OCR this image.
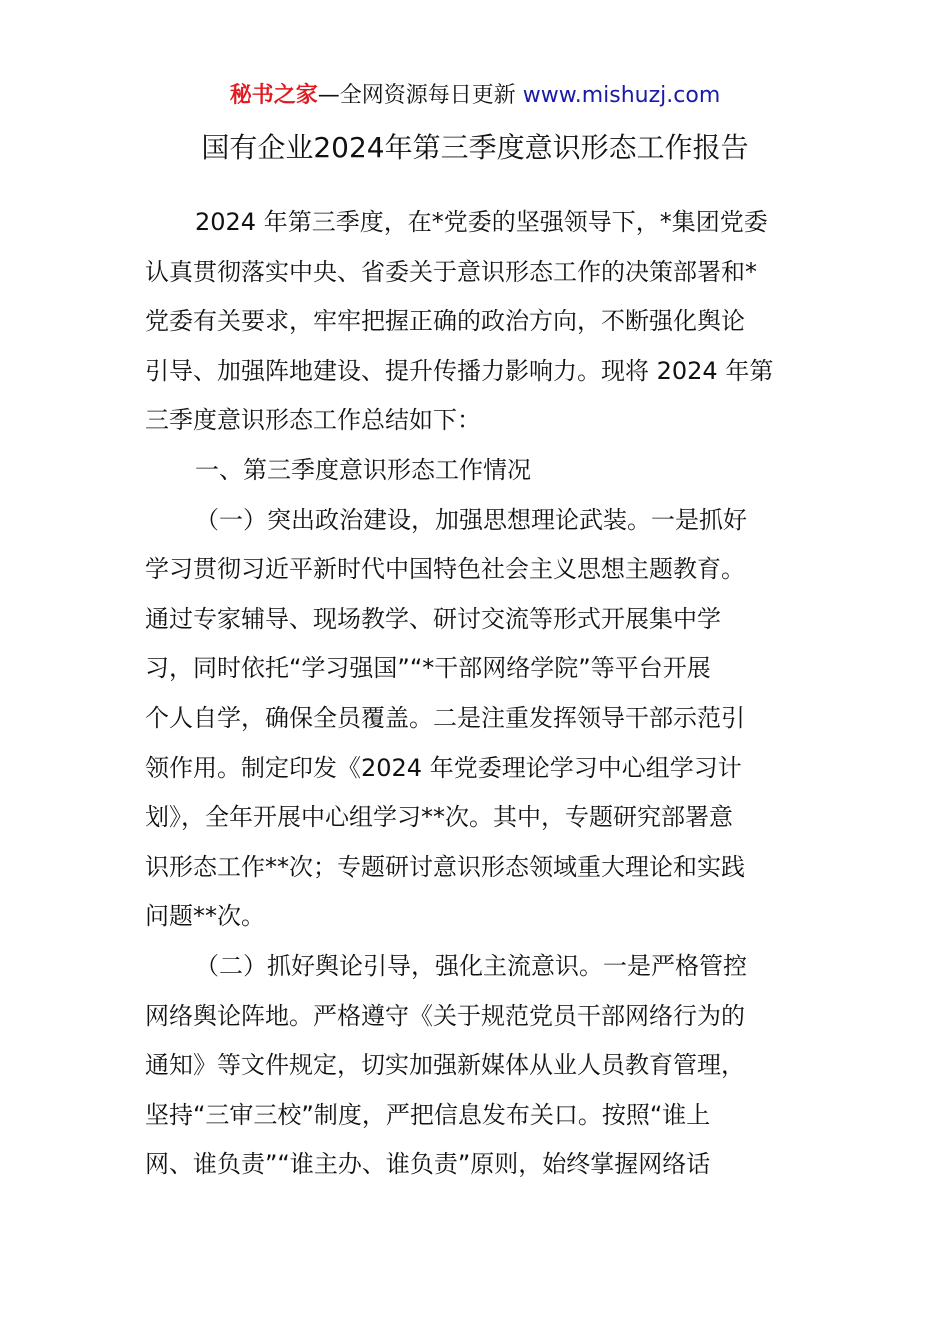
秘书之家—全网资源每日更新 www.mishuzj.com
国有企业2024年第三季度意识形态工作报告
2024 年第三季度，在*党委的坚强领导下，*集团党委
认真贯彻落实中央、省委关于意识形态工作的决策部署和*
党委有关要求，牢牢把握正确的政治方向，不断强化舆论
引导、加强阵地建设、提升传播力影响力。现将 2024 年第
三季度意识形态工作总结如下：
一、第三季度意识形态工作情况
（一）突出政治建设，加强思想理论武装。一是抓好
学习贯彻习近平新时代中国特色社会主义思想主题教育。
通过专家辅导、现场教学、研讨交流等形式开展集中学
习，同时依托“学习强国”“*干部网络学院”等平台开展
个人自学，确保全员覆盖。二是注重发挥领导干部示范引
领作用。制定印发《2024 年党委理论学习中心组学习计
划》，全年开展中心组学习**次。其中，专题研究部署意
识形态工作**次；专题研讨意识形态领域重大理论和实践
问题**次。
（二）抓好舆论引导，强化主流意识。一是严格管控
网络舆论阵地。严格遵守《关于规范党员干部网络行为的
通知》等文件规定，切实加强新媒体从业人员教育管理，
坚持“三审三校”制度，严把信息发布关口。按照“谁上
网、谁负责”“谁主办、谁负责”原则，始终掌握网络话
